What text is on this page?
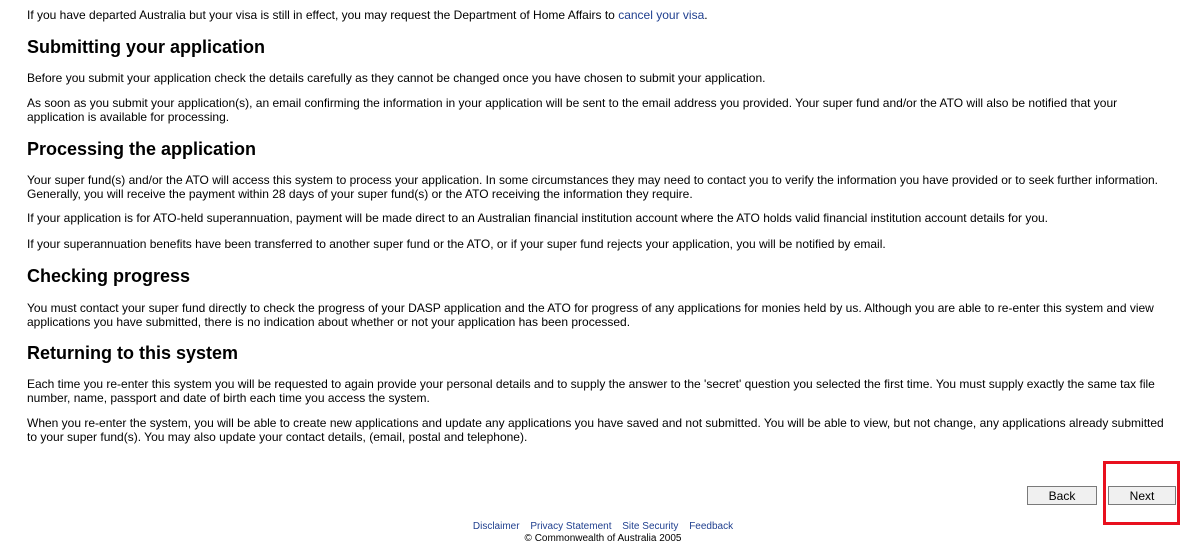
If you have departed Australia but your visa is still in effect, you may request the Department of Home Affairs to cancel your visa.

Submitting your application

Before you submit your application check the details carefully as they cannot be changed once you have chosen to submit your application.

As soon as you submit your application(s), an email confirming the information in your application will be sent to the email address you provided. Your super fund and/or the ATO will also be notified that your application is available for processing.

Processing the application

Your super fund(s) and/or the ATO will access this system to process your application. In some circumstances they may need to contact you to verify the information you have provided or to seek further information. Generally, you will receive the payment within 28 days of your super fund(s) or the ATO receiving the information they require.

If your application is for ATO-held superannuation, payment will be made direct to an Australian financial institution account where the ATO holds valid financial institution account details for you.

If your superannuation benefits have been transferred to another super fund or the ATO, or if your super fund rejects your application, you will be notified by email.

Checking progress

You must contact your super fund directly to check the progress of your DASP application and the ATO for progress of any applications for monies held by us. Although you are able to re-enter this system and view applications you have submitted, there is no indication about whether or not your application has been processed.

Returning to this system

Each time you re-enter this system you will be requested to again provide your personal details and to supply the answer to the 'secret' question you selected the first time. You must supply exactly the same tax file number, name, passport and date of birth each time you access the system.

When you re-enter the system, you will be able to create new applications and update any applications you have saved and not submitted. You will be able to view, but not change, any applications already submitted to your super fund(s). You may also update your contact details, (email, postal and telephone).

Back	Next
Disclaimer Privacy Statement Site Security Feedback
© Commonwealth of Australia 2005
